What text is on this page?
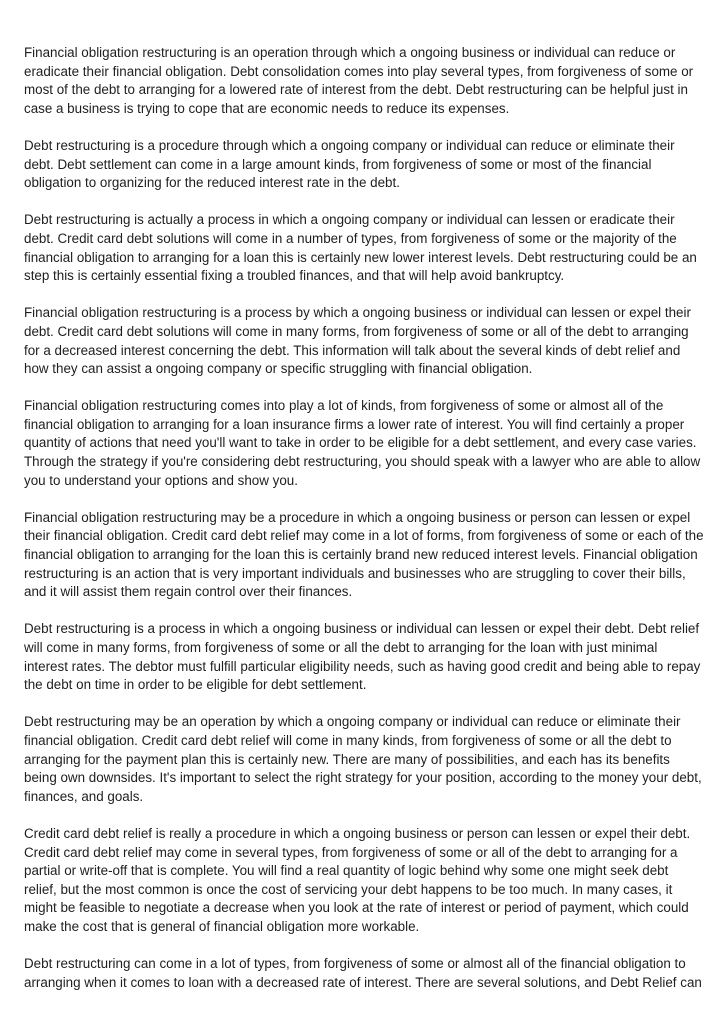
Financial obligation restructuring is an operation through which a ongoing business or individual can reduce or eradicate their financial obligation. Debt consolidation comes into play several types, from forgiveness of some or most of the debt to arranging for a lowered rate of interest from the debt. Debt restructuring can be helpful just in case a business is trying to cope that are economic needs to reduce its expenses.

Debt restructuring is a procedure through which a ongoing company or individual can reduce or eliminate their debt. Debt settlement can come in a large amount kinds, from forgiveness of some or most of the financial obligation to organizing for the reduced interest rate in the debt.

Debt restructuring is actually a process in which a ongoing company or individual can lessen or eradicate their debt. Credit card debt solutions will come in a number of types, from forgiveness of some or the majority of the financial obligation to arranging for a loan this is certainly new lower interest levels. Debt restructuring could be an step this is certainly essential fixing a troubled finances, and that will help avoid bankruptcy.

Financial obligation restructuring is a process by which a ongoing business or individual can lessen or expel their debt. Credit card debt solutions will come in many forms, from forgiveness of some or all of the debt to arranging for a decreased interest concerning the debt. This information will talk about the several kinds of debt relief and how they can assist a ongoing company or specific struggling with financial obligation.

Financial obligation restructuring comes into play a lot of kinds, from forgiveness of some or almost all of the financial obligation to arranging for a loan insurance firms a lower rate of interest. You will find certainly a proper quantity of actions that need you'll want to take in order to be eligible for a debt settlement, and every case varies. Through the strategy if you're considering debt restructuring, you should speak with a lawyer who are able to allow you to understand your options and show you.

Financial obligation restructuring may be a procedure in which a ongoing business or person can lessen or expel their financial obligation. Credit card debt relief may come in a lot of forms, from forgiveness of some or each of the financial obligation to arranging for the loan this is certainly brand new reduced interest levels. Financial obligation restructuring is an action that is very important individuals and businesses who are struggling to cover their bills, and it will assist them regain control over their finances.

Debt restructuring is a process in which a ongoing business or individual can lessen or expel their debt. Debt relief will come in many forms, from forgiveness of some or all the debt to arranging for the loan with just minimal interest rates. The debtor must fulfill particular eligibility needs, such as having good credit and being able to repay the debt on time in order to be eligible for debt settlement.

Debt restructuring may be an operation by which a ongoing company or individual can reduce or eliminate their financial obligation. Credit card debt relief will come in many kinds, from forgiveness of some or all the debt to arranging for the payment plan this is certainly new. There are many of possibilities, and each has its benefits being own downsides. It's important to select the right strategy for your position, according to the money your debt, finances, and goals.

Credit card debt relief is really a procedure in which a ongoing business or person can lessen or expel their debt. Credit card debt relief may come in several types, from forgiveness of some or all of the debt to arranging for a partial or write-off that is complete. You will find a real quantity of logic behind why some one might seek debt relief, but the most common is once the cost of servicing your debt happens to be too much. In many cases, it might be feasible to negotiate a decrease when you look at the rate of interest or period of payment, which could make the cost that is general of financial obligation more workable.

Debt restructuring can come in a lot of types, from forgiveness of some or almost all of the financial obligation to arranging when it comes to loan with a decreased rate of interest. There are several solutions, and Debt Relief can
